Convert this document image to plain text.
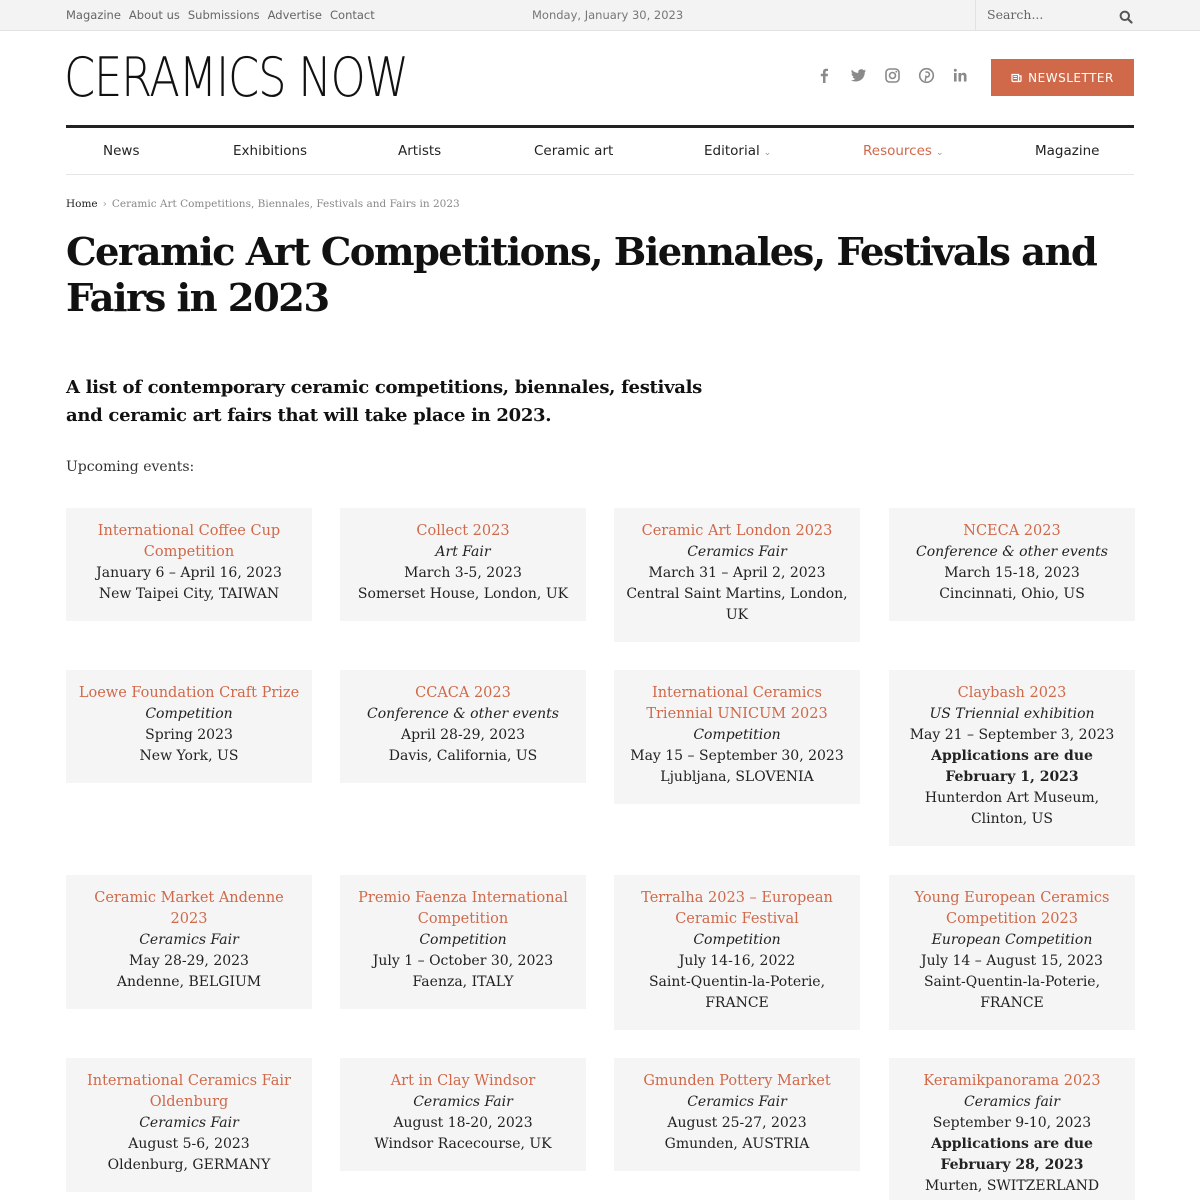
Magazine About us Submissions Advertise Contact	Monday, January 30, 2023
Search...
CERAMICS NOW	NEWSLETTER
News	Exhibitions	Artists	Ceramic art	Editorial ⌄	Resources ⌄	Magazine
Home › Ceramic Art Competitions, Biennales, Festivals and Fairs in 2023
Ceramic Art Competitions, Biennales, Festivals and Fairs in 2023

A list of contemporary ceramic competitions, biennales, festivals and ceramic art fairs that will take place in 2023.

Upcoming events:

International Coffee Cup Competition
January 6 – April 16, 2023
New Taipei City, TAIWAN
Collect 2023
Art Fair
March 3-5, 2023
Somerset House, London, UK
Ceramic Art London 2023
Ceramics Fair
March 31 – April 2, 2023
Central Saint Martins, London, UK
NCECA 2023
Conference & other events
March 15-18, 2023
Cincinnati, Ohio, US
Loewe Foundation Craft Prize
Competition
Spring 2023
New York, US
CCACA 2023
Conference & other events
April 28-29, 2023
Davis, California, US
International Ceramics Triennial UNICUM 2023
Competition
May 15 – September 30, 2023
Ljubljana, SLOVENIA
Claybash 2023
US Triennial exhibition
May 21 – September 3, 2023
Applications are due February 1, 2023
Hunterdon Art Museum, Clinton, US
Ceramic Market Andenne 2023
Ceramics Fair
May 28-29, 2023
Andenne, BELGIUM
Premio Faenza International Competition
Competition
July 1 – October 30, 2023
Faenza, ITALY
Terralha 2023 – European Ceramic Festival
Competition
July 14-16, 2022
Saint-Quentin-la-Poterie, FRANCE
Young European Ceramics Competition 2023
European Competition
July 14 – August 15, 2023
Saint-Quentin-la-Poterie, FRANCE
International Ceramics Fair Oldenburg
Ceramics Fair
August 5-6, 2023
Oldenburg, GERMANY
Art in Clay Windsor
Ceramics Fair
August 18-20, 2023
Windsor Racecourse, UK
Gmunden Pottery Market
Ceramics Fair
August 25-27, 2023
Gmunden, AUSTRIA
Keramikpanorama 2023
Ceramics fair
September 9-10, 2023
Applications are due February 28, 2023
Murten, SWITZERLAND
